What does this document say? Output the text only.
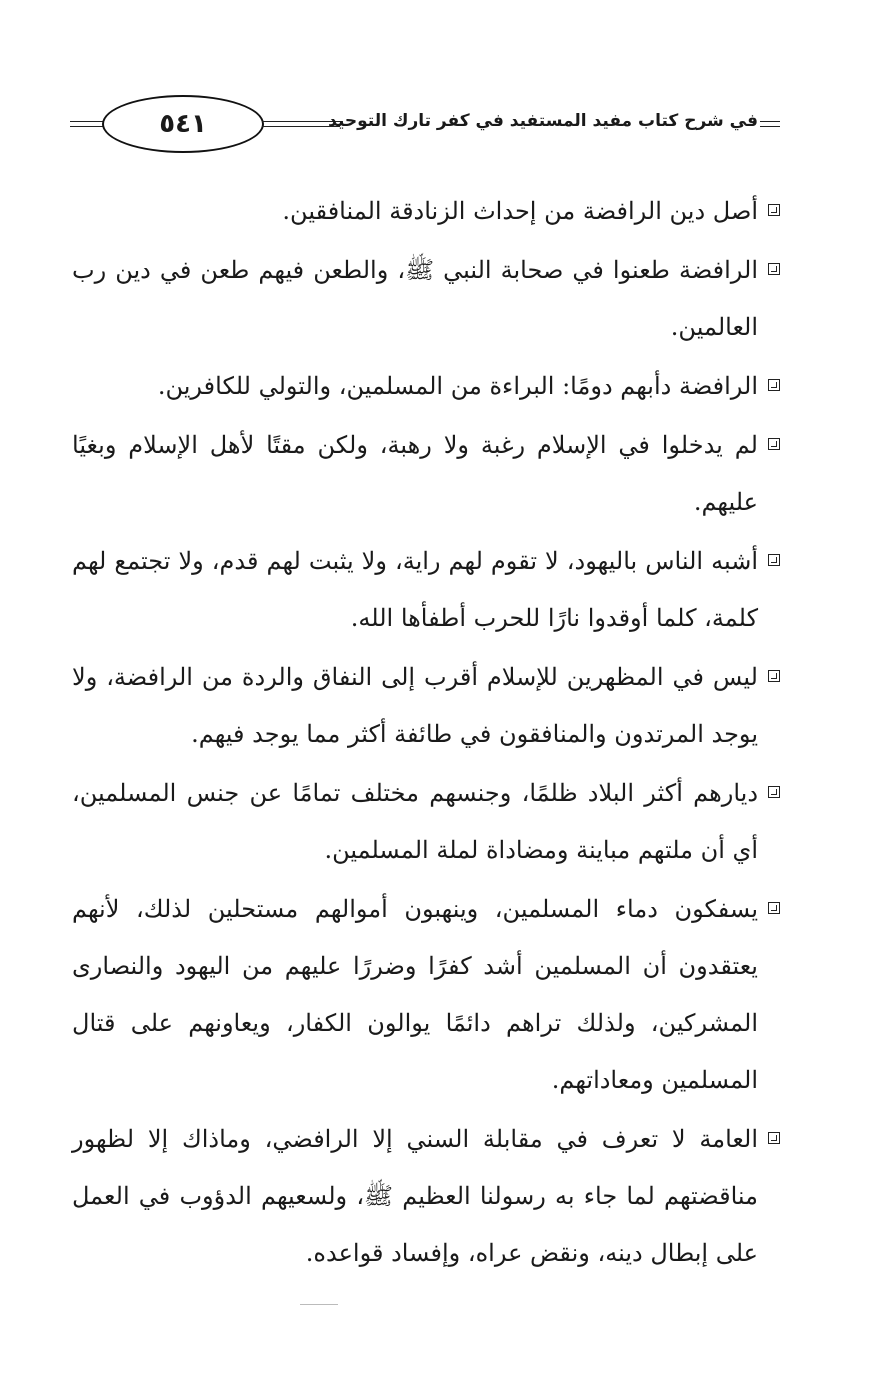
٥٤١	في شرح كتاب مفيد المستفيد في كفر تارك التوحيد
أصل دين الرافضة من إحداث الزنادقة المنافقين.
الرافضة طعنوا في صحابة النبي ﷺ، والطعن فيهم طعن في دين رب العالمين.
الرافضة دأبهم دومًا: البراءة من المسلمين، والتولي للكافرين.
لم يدخلوا في الإسلام رغبة ولا رهبة، ولكن مقتًا لأهل الإسلام وبغيًا عليهم.
أشبه الناس باليهود، لا تقوم لهم راية، ولا يثبت لهم قدم، ولا تجتمع لهم كلمة، كلما أوقدوا نارًا للحرب أطفأها الله.
ليس في المظهرين للإسلام أقرب إلى النفاق والردة من الرافضة، ولا يوجد المرتدون والمنافقون في طائفة أكثر مما يوجد فيهم.
ديارهم أكثر البلاد ظلمًا، وجنسهم مختلف تمامًا عن جنس المسلمين، أي أن ملتهم مباينة ومضاداة لملة المسلمين.
يسفكون دماء المسلمين، وينهبون أموالهم مستحلين لذلك، لأنهم يعتقدون أن المسلمين أشد كفرًا وضررًا عليهم من اليهود والنصارى المشركين، ولذلك تراهم دائمًا يوالون الكفار، ويعاونهم على قتال المسلمين ومعاداتهم.
العامة لا تعرف في مقابلة السني إلا الرافضي، وماذاك إلا لظهور مناقضتهم لما جاء به رسولنا العظيم ﷺ، ولسعيهم الدؤوب في العمل على إبطال دينه، ونقض عراه، وإفساد قواعده.
